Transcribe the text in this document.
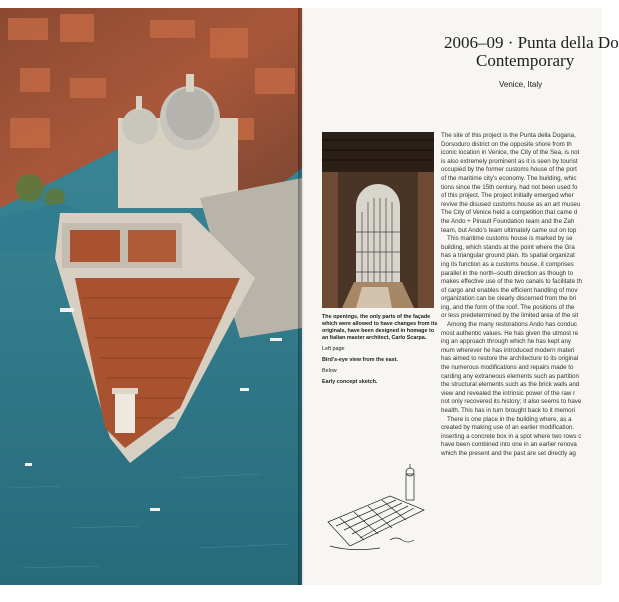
2006–09 · Punta della Do
Contemporary
Venice, Italy

The openings, the only parts of the façade which were allowed to have changes from its originals, have been designed in homage to an Italian master architect, Carlo Scarpa.

Left page

Bird's-eye view from the east.

Below

Early concept sketch.

The site of this project is the Punta della Dogana,
Dorsoduro district on the opposite shore from th
iconic location in Venice, the City of the Sea, is not
is also extremely prominent as it is seen by tourist
occupied by the former customs house of the port
of the maritime city's economy. The building, whic
tions since the 15th century, had not been used fo
of this project. The project initially emerged wher
revive the disused customs house as an art museu
The City of Venice held a competition that came d
the Ando + Pinault Foundation team and the Zah
team, but Ando's team ultimately came out on top
This maritime customs house is marked by se
building, which stands at the point where the Gra
has a triangular ground plan. Its spatial organizat
ing its function as a customs house, it comprises
parallel in the north–south direction as though to
makes effective use of the two canals to facilitate th
of cargo and enables the efficient handling of mov
organization can be clearly discerned from the bri
ing, and the form of the roof. The positions of the
or less predetermined by the limited area of the sit
Among the many restorations Ando has conduc
most authentic values. He has given the utmost re
ing an approach through which he has kept any
mum wherever he has introduced modern materi
has aimed to restore the architecture to its original
the numerous modifications and repairs made to
carding any extraneous elements such as partition
the structural elements such as the brick walls and
view and revealed the intrinsic power of the raw r
not only recovered its history; it also seems to have
health. This has in turn brought back to it memori
There is one place in the building where, as a
created by making use of an earlier modification.
inserting a concrete box in a spot where two rows c
have been combined into one in an earlier renova
which the present and the past are set directly ag
